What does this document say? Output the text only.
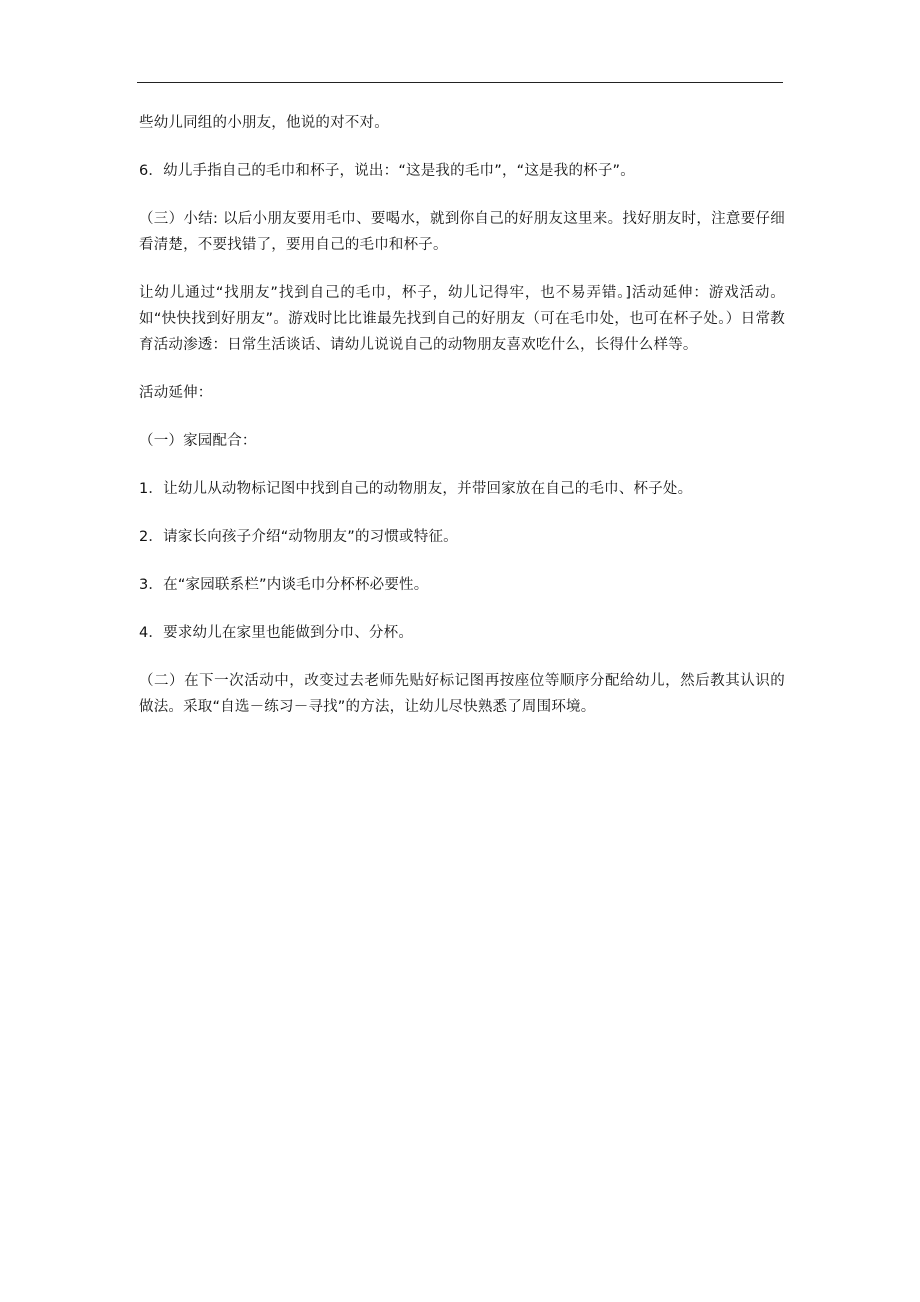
些幼儿同组的小朋友，他说的对不对。

6．幼儿手指自己的毛巾和杯子，说出：“这是我的毛巾”，“这是我的杯子”。

（三）小结: 以后小朋友要用毛巾、要喝水，就到你自己的好朋友这里来。找好朋友时，注意要仔细看清楚，不要找错了，要用自己的毛巾和杯子。

让幼儿通过“找朋友”找到自己的毛巾，杯子，幼儿记得牢，也不易弄错。]活动延伸：游戏活动。如“快快找到好朋友”。游戏时比比谁最先找到自己的好朋友（可在毛巾处，也可在杯子处。）日常教育活动渗透：日常生活谈话、请幼儿说说自己的动物朋友喜欢吃什么，长得什么样等。

活动延伸：

（一）家园配合：

1．让幼儿从动物标记图中找到自己的动物朋友，并带回家放在自己的毛巾、杯子处。

2．请家长向孩子介绍“动物朋友”的习惯或特征。

3．在“家园联系栏”内谈毛巾分杯杯必要性。

4．要求幼儿在家里也能做到分巾、分杯。

（二）在下一次活动中，改变过去老师先贴好标记图再按座位等顺序分配给幼儿，然后教其认识的做法。采取“自选－练习－寻找”的方法，让幼儿尽快熟悉了周围环境。
